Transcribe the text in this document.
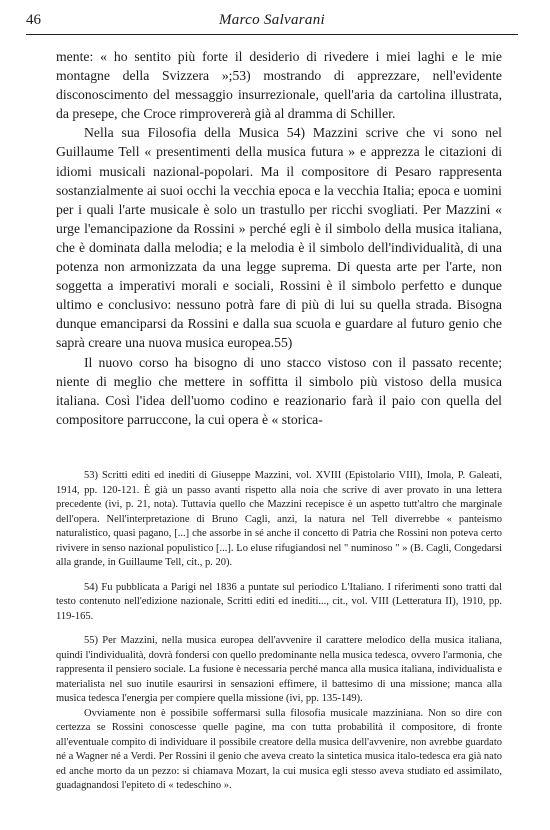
46	Marco Salvarani

mente: « ho sentito più forte il desiderio di rivedere i miei laghi e le mie montagne della Svizzera »;53) mostrando di apprezzare, nell'evidente disconoscimento del messaggio insurrezionale, quell'aria da cartolina illustrata, da presepe, che Croce rimprovererà già al dramma di Schiller.

Nella sua Filosofia della Musica 54) Mazzini scrive che vi sono nel Guillaume Tell « presentimenti della musica futura » e apprezza le citazioni di idiomi musicali nazional-popolari. Ma il compositore di Pesaro rappresenta sostanzialmente ai suoi occhi la vecchia epoca e la vecchia Italia; epoca e uomini per i quali l'arte musicale è solo un trastullo per ricchi svogliati. Per Mazzini « urge l'emancipazione da Rossini » perché egli è il simbolo della musica italiana, che è dominata dalla melodia; e la melodia è il simbolo dell'individualità, di una potenza non armonizzata da una legge suprema. Di questa arte per l'arte, non soggetta a imperativi morali e sociali, Rossini è il simbolo perfetto e dunque ultimo e conclusivo: nessuno potrà fare di più di lui su quella strada. Bisogna dunque emanciparsi da Rossini e dalla sua scuola e guardare al futuro genio che saprà creare una nuova musica europea.55)

Il nuovo corso ha bisogno di uno stacco vistoso con il passato recente; niente di meglio che mettere in soffitta il simbolo più vistoso della musica italiana. Così l'idea dell'uomo codino e reazionario farà il paio con quella del compositore parruccone, la cui opera è « storica-

53) Scritti editi ed inediti di Giuseppe Mazzini, vol. XVIII (Epistolario VIII), Imola, P. Galeati, 1914, pp. 120-121. È già un passo avanti rispetto alla noia che scrive di aver provato in una lettera precedente (ivi, p. 21, nota). Tuttavia quello che Mazzini recepisce è un aspetto tutt'altro che marginale dell'opera. Nell'interpretazione di Bruno Cagli, anzi, la natura nel Tell diverrebbe « panteismo naturalistico, quasi pagano, [...] che assorbe in sé anche il concetto di Patria che Rossini non poteva certo rivivere in senso nazional populistico [...]. Lo eluse rifugiandosi nel " numinoso " » (B. Cagli, Congedarsi alla grande, in Guillaume Tell, cit., p. 20).

54) Fu pubblicata a Parigi nel 1836 a puntate sul periodico L'Italiano. I riferimenti sono tratti dal testo contenuto nell'edizione nazionale, Scritti editi ed inediti..., cit., vol. VIII (Letteratura II), 1910, pp. 119-165.

55) Per Mazzini, nella musica europea dell'avvenire il carattere melodico della musica italiana, quindi l'individualità, dovrà fondersi con quello predominante nella musica tedesca, ovvero l'armonia, che rappresenta il pensiero sociale. La fusione è necessaria perché manca alla musica italiana, individualista e materialista nel suo inutile esaurirsi in sensazioni effimere, il battesimo di una missione; manca alla musica tedesca l'energia per compiere quella missione (ivi, pp. 135-149).

Ovviamente non è possibile soffermarsi sulla filosofia musicale mazziniana. Non so dire con certezza se Rossini conoscesse quelle pagine, ma con tutta probabilità il compositore, di fronte all'eventuale compito di individuare il possibile creatore della musica dell'avvenire, non avrebbe guardato né a Wagner né a Verdi. Per Rossini il genio che aveva creato la sintetica musica italo-tedesca era già nato ed anche morto da un pezzo: si chiamava Mozart, la cui musica egli stesso aveva studiato ed assimilato, guadagnandosi l'epiteto di « tedeschino ».
